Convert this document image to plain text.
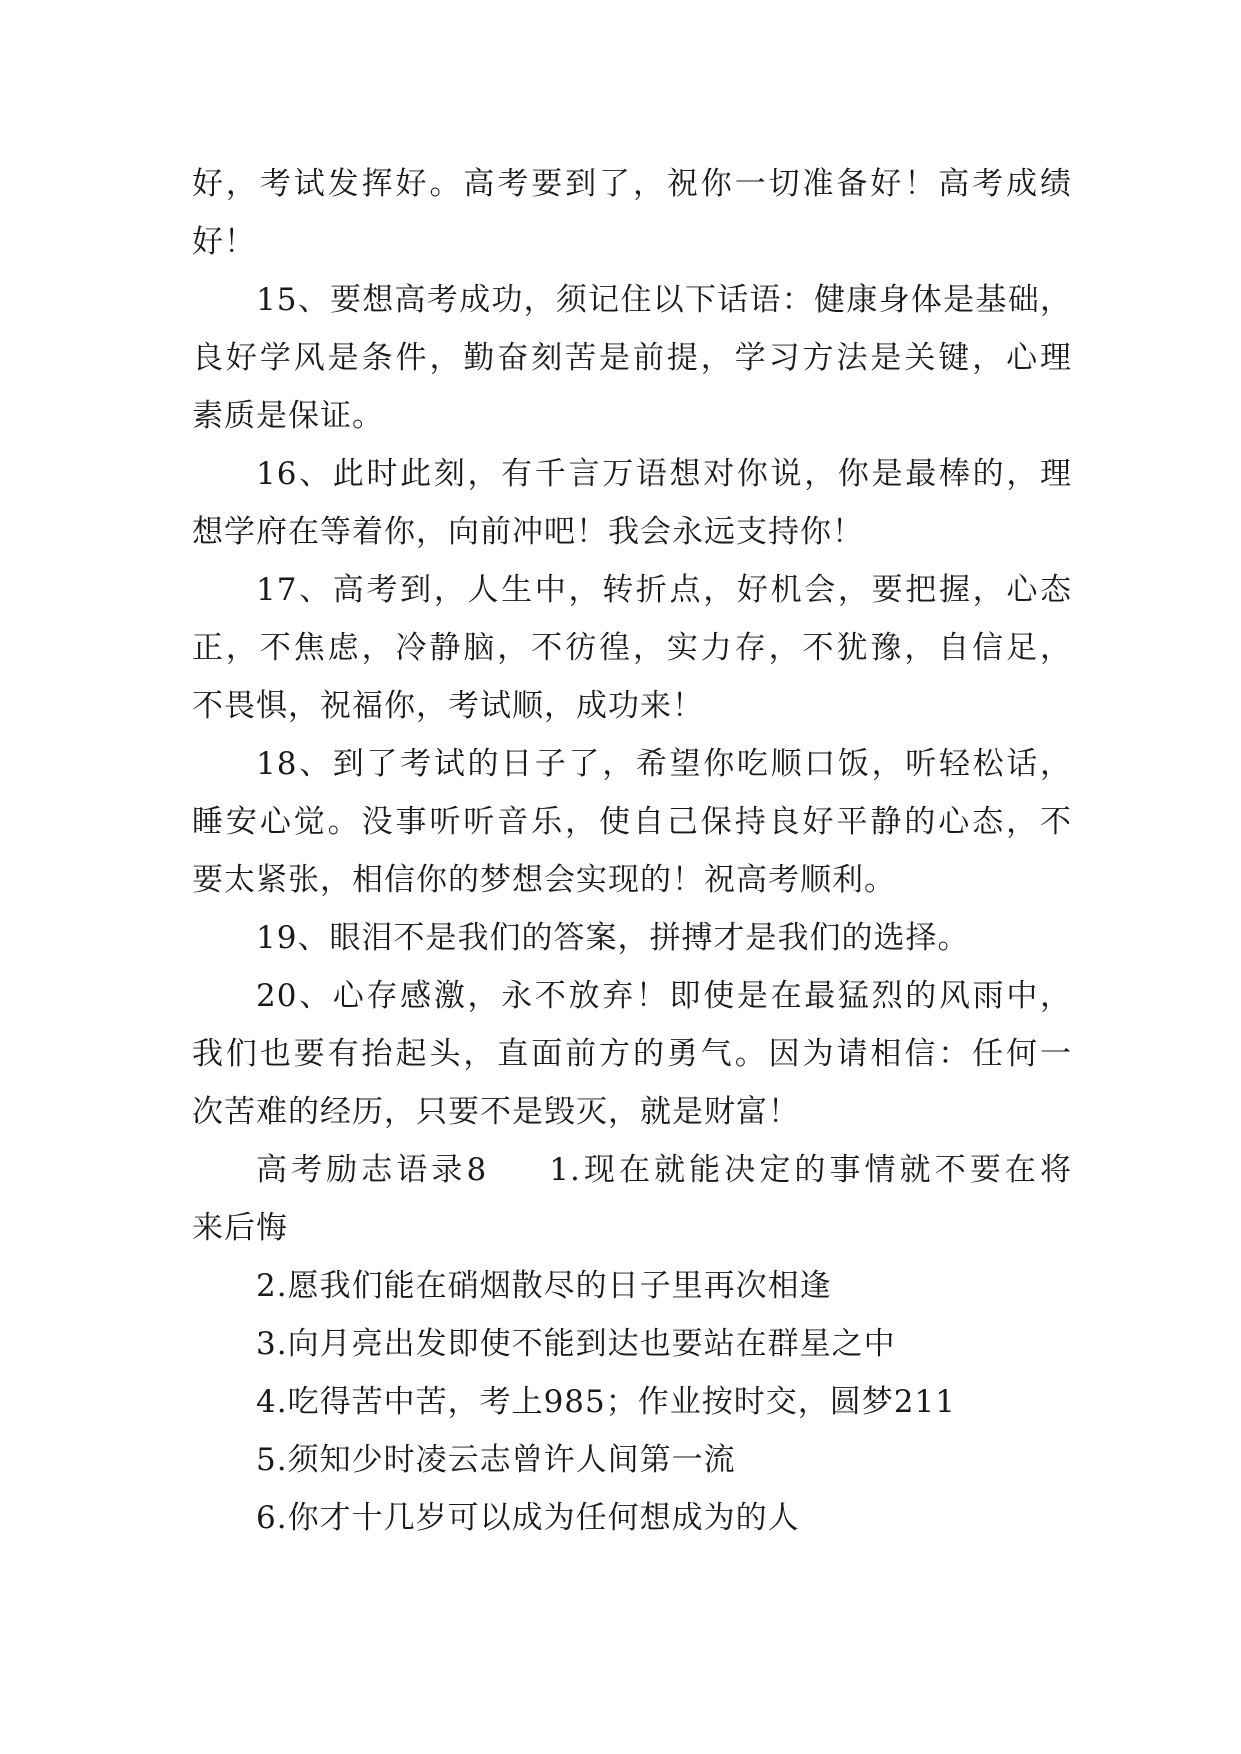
好，考试发挥好。高考要到了，祝你一切准备好！高考成绩
好！
15、要想高考成功，须记住以下话语：健康身体是基础，
良好学风是条件，勤奋刻苦是前提，学习方法是关键，心理
素质是保证。
16、此时此刻，有千言万语想对你说，你是最棒的，理
想学府在等着你，向前冲吧！我会永远支持你！
17、高考到，人生中，转折点，好机会，要把握，心态
正，不焦虑，冷静脑，不彷徨，实力存，不犹豫，自信足，
不畏惧，祝福你，考试顺，成功来！
18、到了考试的日子了，希望你吃顺口饭，听轻松话，
睡安心觉。没事听听音乐，使自己保持良好平静的心态，不
要太紧张，相信你的梦想会实现的！祝高考顺利。
19、眼泪不是我们的答案，拼搏才是我们的选择。
20、心存感激，永不放弃！即使是在最猛烈的风雨中，
我们也要有抬起头，直面前方的勇气。因为请相信：任何一
次苦难的经历，只要不是毁灭，就是财富！
高考励志语录8 1.现在就能决定的事情就不要在将
来后悔
2.愿我们能在硝烟散尽的日子里再次相逢
3.向月亮出发即使不能到达也要站在群星之中
4.吃得苦中苦，考上985；作业按时交，圆梦211
5.须知少时凌云志曾许人间第一流
6.你才十几岁可以成为任何想成为的人
